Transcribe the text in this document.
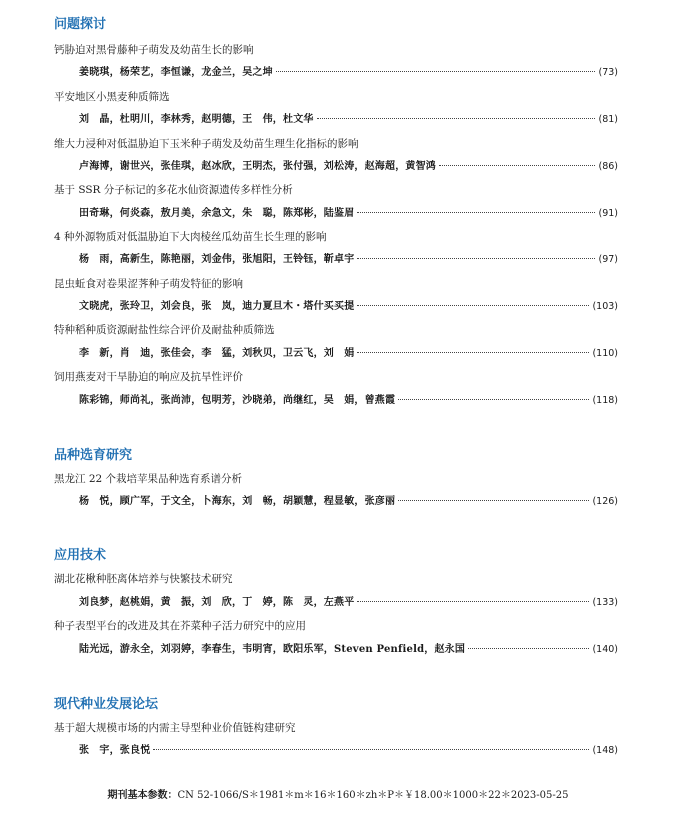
问题探讨
钙胁迫对黑骨藤种子萌发及幼苗生长的影响
姜晓琪，杨荣艺，李恒谦，龙金兰，吴之坤	(73)
平安地区小黑麦种质筛选
刘　晶，杜明川，李林秀，赵明德，王　伟，杜文华	(81)
维大力浸种对低温胁迫下玉米种子萌发及幼苗生理生化指标的影响
卢海博，谢世兴，张佳琪，赵冰欣，王明杰，张付强，刘松涛，赵海超，黄智鸿	(86)
基于 SSR 分子标记的多花水仙资源遗传多样性分析
田奇琳，何炎森，敖月美，余急文，朱　聪，陈郑彬，陆鉴眉	(91)
4 种外源物质对低温胁迫下大肉棱丝瓜幼苗生长生理的影响
杨　雨，高新生，陈艳丽，刘金伟，张旭阳，王铃钰，靳卓宇	(97)
昆虫蚯食对卷果涩荠种子萌发特征的影响
文晓虎，张玲卫，刘会良，张　岚，迪力夏旦木・塔什买买提	(103)
特种稻种质资源耐盐性综合评价及耐盐种质筛选
李　新，肖　迪，张佳会，李　猛，刘秋贝，卫云飞，刘　娟	(110)
饲用燕麦对干旱胁迫的响应及抗旱性评价
陈彩锦，师尚礼，张尚沛，包明芳，沙晓弟，尚继红，吴　娟，曾燕霞	(118)
品种选育研究
黑龙江 22 个栽培苹果品种选育系谱分析
杨　悦，顾广军，于文全，卜海东，刘　畅，胡颖慧，程显敏，张彦丽	(126)
应用技术
湖北花楸种胚离体培养与快繁技术研究
刘良梦，赵桃娟，黄　振，刘　欣，丁　婷，陈　灵，左燕平	(133)
种子表型平台的改进及其在芥菜种子活力研究中的应用
陆光远，游永全，刘羽婷，李春生，韦明宵，欧阳乐军，Steven Penfield，赵永国	(140)
现代种业发展论坛
基于超大规模市场的内需主导型种业价值链构建研究
张　宇，张良悦	(148)
期刊基本参数：CN 52-1066/S＊1981＊m＊16＊160＊zh＊P＊￥18.00＊1000＊22＊2023-05-25
